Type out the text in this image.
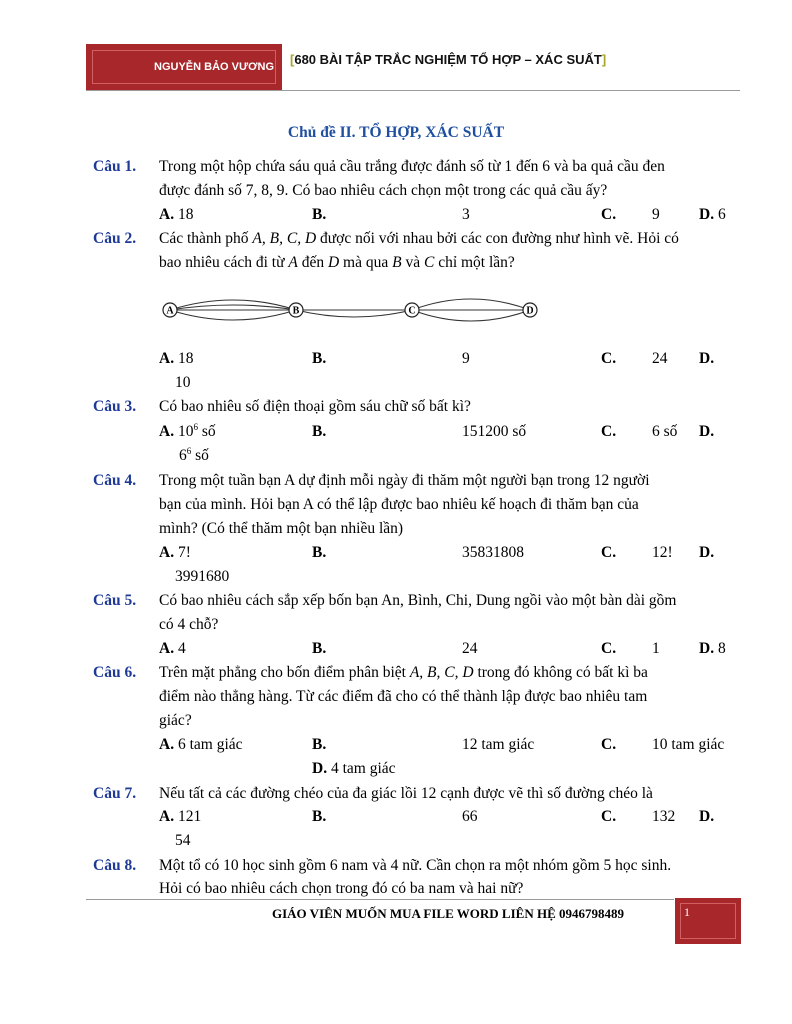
NGUYỄN BẢO VƯƠNG	[680 BÀI TẬP TRẮC NGHIỆM TỔ HỢP – XÁC SUẤT]
Chủ đề II. TỔ HỢP, XÁC SUẤT
Câu 1. Trong một hộp chứa sáu quả cầu trắng được đánh số từ 1 đến 6 và ba quả cầu đen
được đánh số 7, 8, 9. Có bao nhiêu cách chọn một trong các quả cầu ấy?
A. 18	B.	3	C. 9	D. 6
Câu 2. Các thành phố A, B, C, D được nối với nhau bởi các con đường như hình vẽ. Hỏi có
bao nhiêu cách đi từ A đến D mà qua B và C chỉ một lần?
A	B	C	D
A. 18	B.	9	C. 24 D.
10
Câu 3. Có bao nhiêu số điện thoại gồm sáu chữ số bất kì?
A. $10^6$ số	B.	151200 số	C. 6 số D.
$6^6$ số
Câu 4. Trong một tuần bạn A dự định mỗi ngày đi thăm một người bạn trong 12 người
bạn của mình. Hỏi bạn A có thể lập được bao nhiêu kế hoạch đi thăm bạn của
mình? (Có thể thăm một bạn nhiều lần)
A. 7!	B.	35831808	C. 12! D.
3991680
Câu 5. Có bao nhiêu cách sắp xếp bốn bạn An, Bình, Chi, Dung ngồi vào một bàn dài gồm
có 4 chỗ?
A. 4	B.	24	C. 1	D. 8
Câu 6. Trên mặt phẳng cho bốn điểm phân biệt A, B, C, D trong đó không có bất kì ba
điểm nào thẳng hàng. Từ các điểm đã cho có thể thành lập được bao nhiêu tam
giác?
A. 6 tam giác	B.	12 tam giác	C. 10 tam giác
D. 4 tam giác
Câu 7. Nếu tất cả các đường chéo của đa giác lồi 12 cạnh được vẽ thì số đường chéo là
A. 121	B.	66	C. 132 D.
54
Câu 8. Một tổ có 10 học sinh gồm 6 nam và 4 nữ. Cần chọn ra một nhóm gồm 5 học sinh.
Hỏi có bao nhiêu cách chọn trong đó có ba nam và hai nữ?
GIÁO VIÊN MUỐN MUA FILE WORD LIÊN HỆ 0946798489	1
